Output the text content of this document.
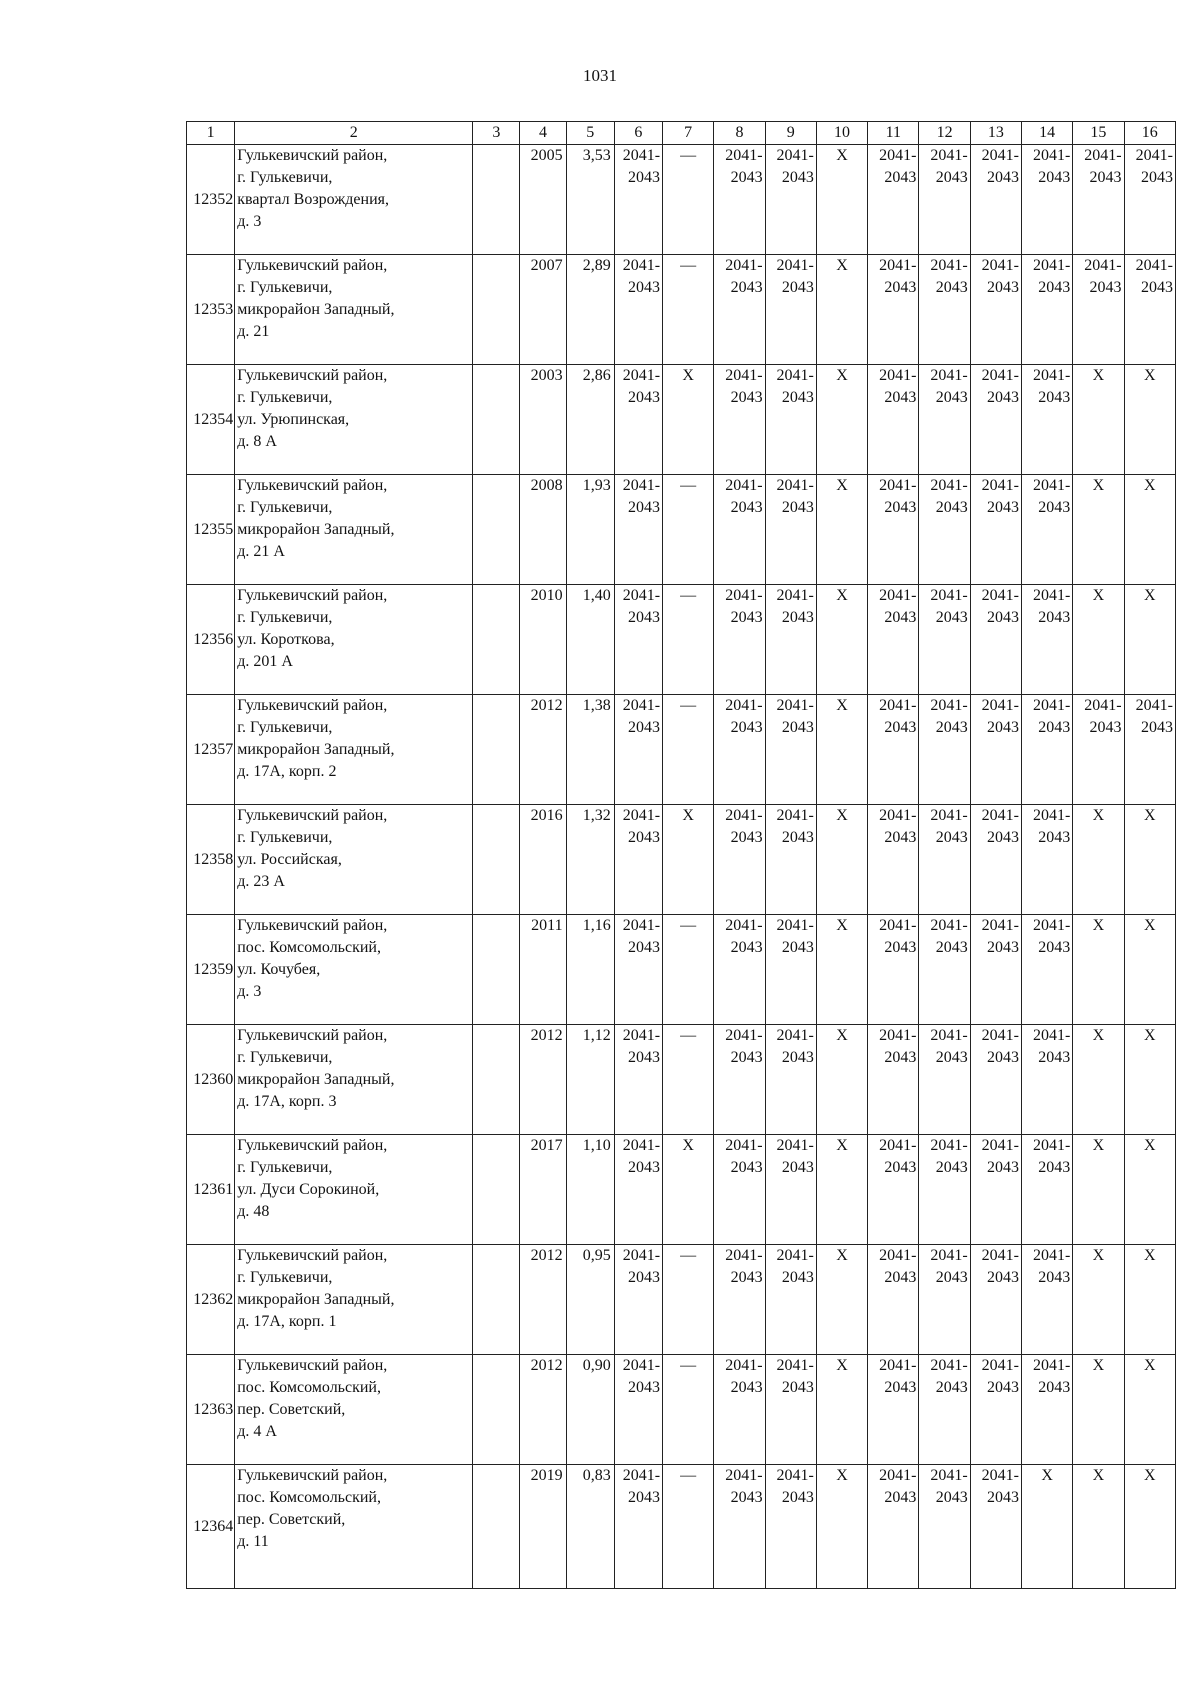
1031
1	2	3	4	5	6	7	8	9	10	11	12	13	14	15	16
12352	Гулькевичский район,
г. Гулькевичи,
квартал Возрождения,
д. 3		2005	3,53	2041-
2043	—	2041-
2043	2041-
2043	X	2041-
2043	2041-
2043	2041-
2043	2041-
2043	2041-
2043	2041-
2043

12353	Гулькевичский район,
г. Гулькевичи,
микрорайон Западный,
д. 21		2007	2,89	2041-
2043	—	2041-
2043	2041-
2043	X	2041-
2043	2041-
2043	2041-
2043	2041-
2043	2041-
2043	2041-
2043

12354	Гулькевичский район,
г. Гулькевичи,
ул. Урюпинская,
д. 8 А		2003	2,86	2041-
2043	X	2041-
2043	2041-
2043	X	2041-
2043	2041-
2043	2041-
2043	2041-
2043	X	X

12355	Гулькевичский район,
г. Гулькевичи,
микрорайон Западный,
д. 21 А		2008	1,93	2041-
2043	—	2041-
2043	2041-
2043	X	2041-
2043	2041-
2043	2041-
2043	2041-
2043	X	X

12356	Гулькевичский район,
г. Гулькевичи,
ул. Короткова,
д. 201 А		2010	1,40	2041-
2043	—	2041-
2043	2041-
2043	X	2041-
2043	2041-
2043	2041-
2043	2041-
2043	X	X

12357	Гулькевичский район,
г. Гулькевичи,
микрорайон Западный,
д. 17А, корп. 2		2012	1,38	2041-
2043	—	2041-
2043	2041-
2043	X	2041-
2043	2041-
2043	2041-
2043	2041-
2043	2041-
2043	2041-
2043

12358	Гулькевичский район,
г. Гулькевичи,
ул. Российская,
д. 23 А		2016	1,32	2041-
2043	X	2041-
2043	2041-
2043	X	2041-
2043	2041-
2043	2041-
2043	2041-
2043	X	X

12359	Гулькевичский район,
пос. Комсомольский,
ул. Кочубея,
д. 3		2011	1,16	2041-
2043	—	2041-
2043	2041-
2043	X	2041-
2043	2041-
2043	2041-
2043	2041-
2043	X	X

12360	Гулькевичский район,
г. Гулькевичи,
микрорайон Западный,
д. 17А, корп. 3		2012	1,12	2041-
2043	—	2041-
2043	2041-
2043	X	2041-
2043	2041-
2043	2041-
2043	2041-
2043	X	X

12361	Гулькевичский район,
г. Гулькевичи,
ул. Дуси Сорокиной,
д. 48		2017	1,10	2041-
2043	X	2041-
2043	2041-
2043	X	2041-
2043	2041-
2043	2041-
2043	2041-
2043	X	X

12362	Гулькевичский район,
г. Гулькевичи,
микрорайон Западный,
д. 17А, корп. 1		2012	0,95	2041-
2043	—	2041-
2043	2041-
2043	X	2041-
2043	2041-
2043	2041-
2043	2041-
2043	X	X

12363	Гулькевичский район,
пос. Комсомольский,
пер. Советский,
д. 4 А		2012	0,90	2041-
2043	—	2041-
2043	2041-
2043	X	2041-
2043	2041-
2043	2041-
2043	2041-
2043	X	X

12364	Гулькевичский район,
пос. Комсомольский,
пер. Советский,
д. 11		2019	0,83	2041-
2043	—	2041-
2043	2041-
2043	X	2041-
2043	2041-
2043	2041-
2043	X	X	X
